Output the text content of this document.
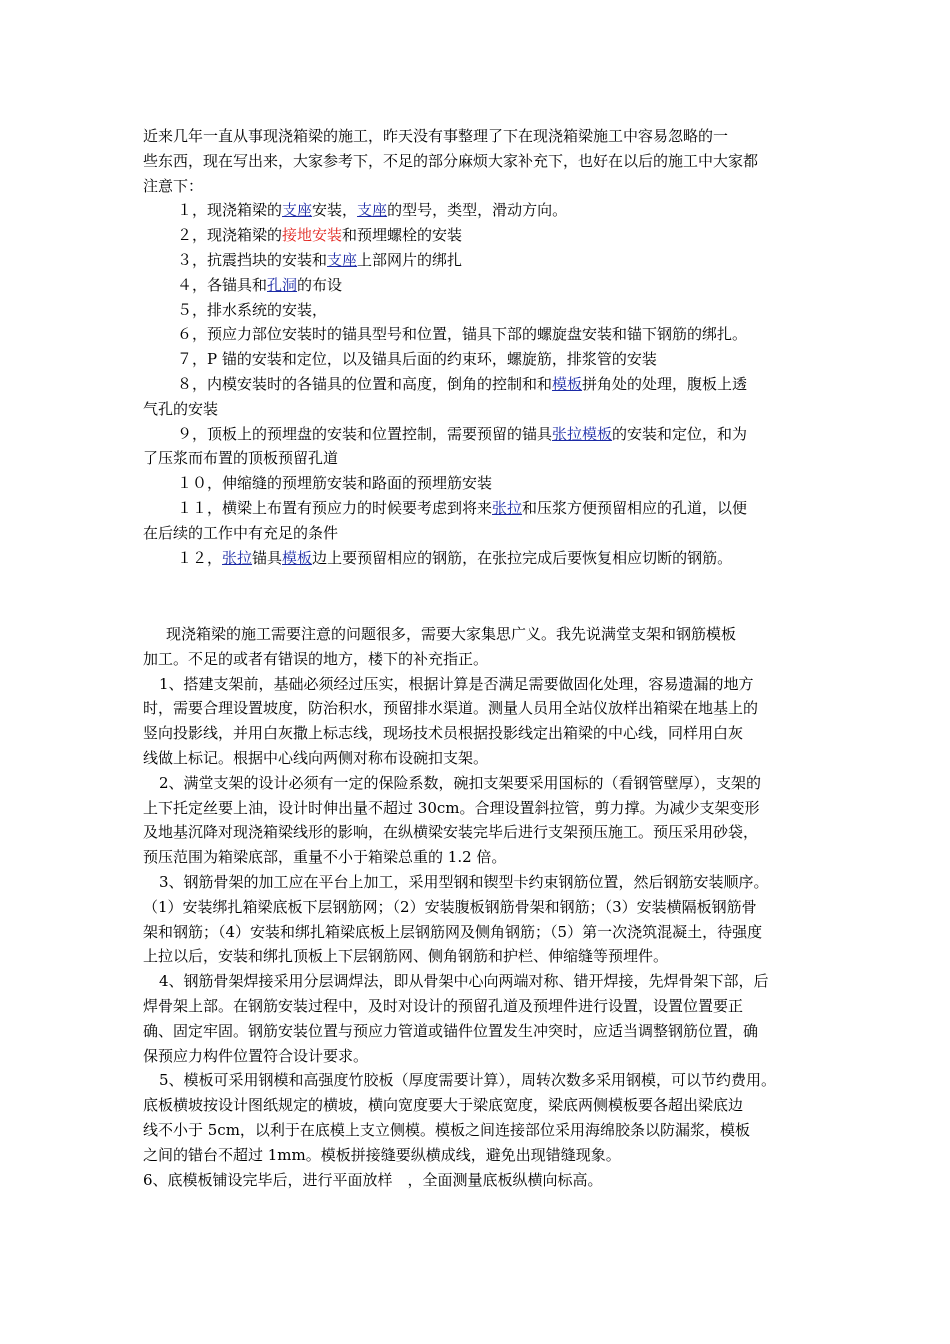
近来几年一直从事现浇箱梁的施工，昨天没有事整理了下在现浇箱梁施工中容易忽略的一
些东西，现在写出来，大家参考下，不足的部分麻烦大家补充下，也好在以后的施工中大家都
注意下：
１，现浇箱梁的支座安装，支座的型号，类型，滑动方向。
２，现浇箱梁的接地安装和预埋螺栓的安装
３，抗震挡块的安装和支座上部网片的绑扎
４，各锚具和孔洞的布设
５，排水系统的安装，
６，预应力部位安装时的锚具型号和位置，锚具下部的螺旋盘安装和锚下钢筋的绑扎。
７，P 锚的安装和定位，以及锚具后面的约束环，螺旋筋，排浆管的安装
８，内模安装时的各锚具的位置和高度，倒角的控制和和模板拼角处的处理，腹板上透
气孔的安装
９，顶板上的预埋盘的安装和位置控制，需要预留的锚具张拉模板的安装和定位，和为
了压浆而布置的顶板预留孔道
１０，伸缩缝的预埋筋安装和路面的预埋筋安装
１１，横梁上布置有预应力的时候要考虑到将来张拉和压浆方便预留相应的孔道，以便
在后续的工作中有充足的条件
１２，张拉锚具模板边上要预留相应的钢筋，在张拉完成后要恢复相应切断的钢筋。
现浇箱梁的施工需要注意的问题很多，需要大家集思广义。我先说满堂支架和钢筋模板
加工。不足的或者有错误的地方，楼下的补充指正。
1、搭建支架前，基础必须经过压实，根据计算是否满足需要做固化处理，容易遗漏的地方
时，需要合理设置坡度，防治积水，预留排水渠道。测量人员用全站仪放样出箱梁在地基上的
竖向投影线，并用白灰撒上标志线，现场技术员根据投影线定出箱梁的中心线，同样用白灰
线做上标记。根据中心线向两侧对称布设碗扣支架。
2、满堂支架的设计必须有一定的保险系数，碗扣支架要采用国标的（看钢管壁厚），支架的
上下托定丝要上油，设计时伸出量不超过 30cm。合理设置斜拉管，剪力撑。为减少支架变形
及地基沉降对现浇箱梁线形的影响，在纵横梁安装完毕后进行支架预压施工。预压采用砂袋，
预压范围为箱梁底部，重量不小于箱梁总重的 1.2 倍。
3、钢筋骨架的加工应在平台上加工，采用型钢和锲型卡约束钢筋位置，然后钢筋安装顺序。
（1）安装绑扎箱梁底板下层钢筋网；（2）安装腹板钢筋骨架和钢筋；（3）安装横隔板钢筋骨
架和钢筋；（4）安装和绑扎箱梁底板上层钢筋网及侧角钢筋；（5）第一次浇筑混凝土，待强度
上拉以后，安装和绑扎顶板上下层钢筋网、侧角钢筋和护栏、伸缩缝等预埋件。
4、钢筋骨架焊接采用分层调焊法，即从骨架中心向两端对称、错开焊接，先焊骨架下部，后
焊骨架上部。在钢筋安装过程中，及时对设计的预留孔道及预埋件进行设置，设置位置要正
确、固定牢固。钢筋安装位置与预应力管道或锚件位置发生冲突时，应适当调整钢筋位置，确
保预应力构件位置符合设计要求。
5、模板可采用钢模和高强度竹胶板（厚度需要计算），周转次数多采用钢模，可以节约费用。
底板横坡按设计图纸规定的横坡，横向宽度要大于梁底宽度，梁底两侧模板要各超出梁底边
线不小于 5cm，以利于在底模上支立侧模。模板之间连接部位采用海绵胶条以防漏浆，模板
之间的错台不超过 1mm。模板拼接缝要纵横成线，避免出现错缝现象。
6、底模板铺设完毕后，进行平面放样　，全面测量底板纵横向标高。
